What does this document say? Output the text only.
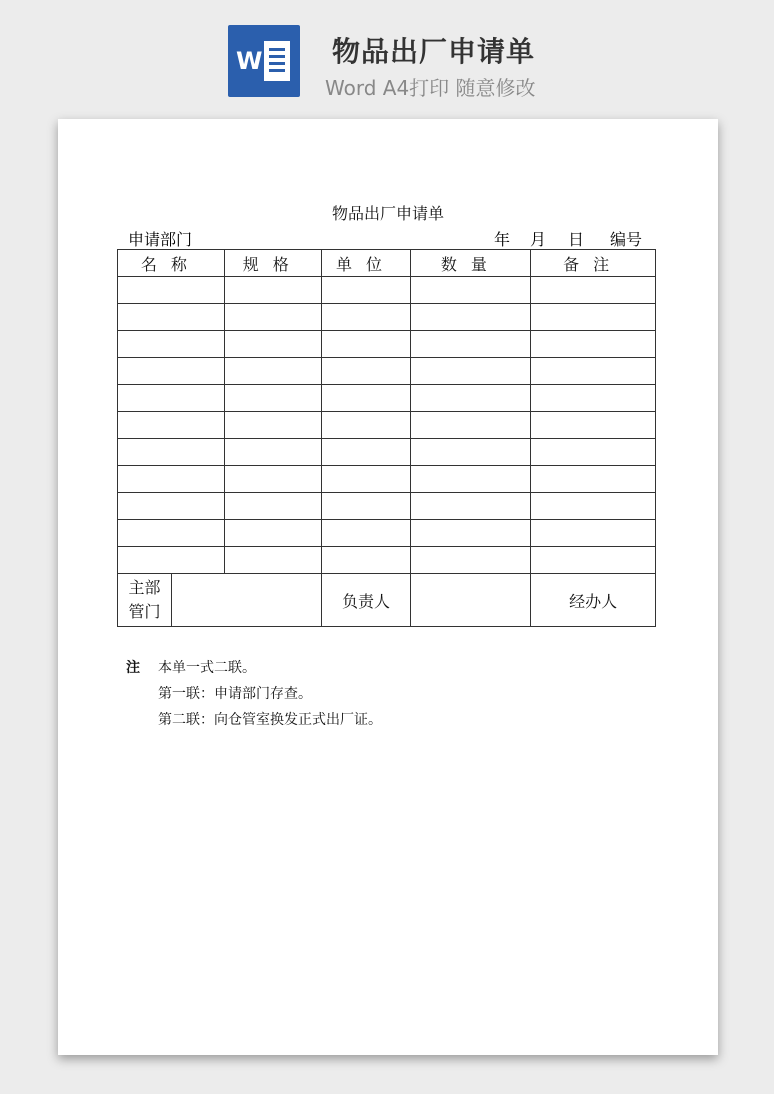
W 物品出厂申请单
Word A4打印 随意修改
物品出厂申请单
申请部门	年 月 日 编号
名称		规格	单位	数量	备注

主部
管门			负责人		经办人
注 本单一式二联。
第一联：申请部门存查。
第二联：向仓管室换发正式出厂证。
